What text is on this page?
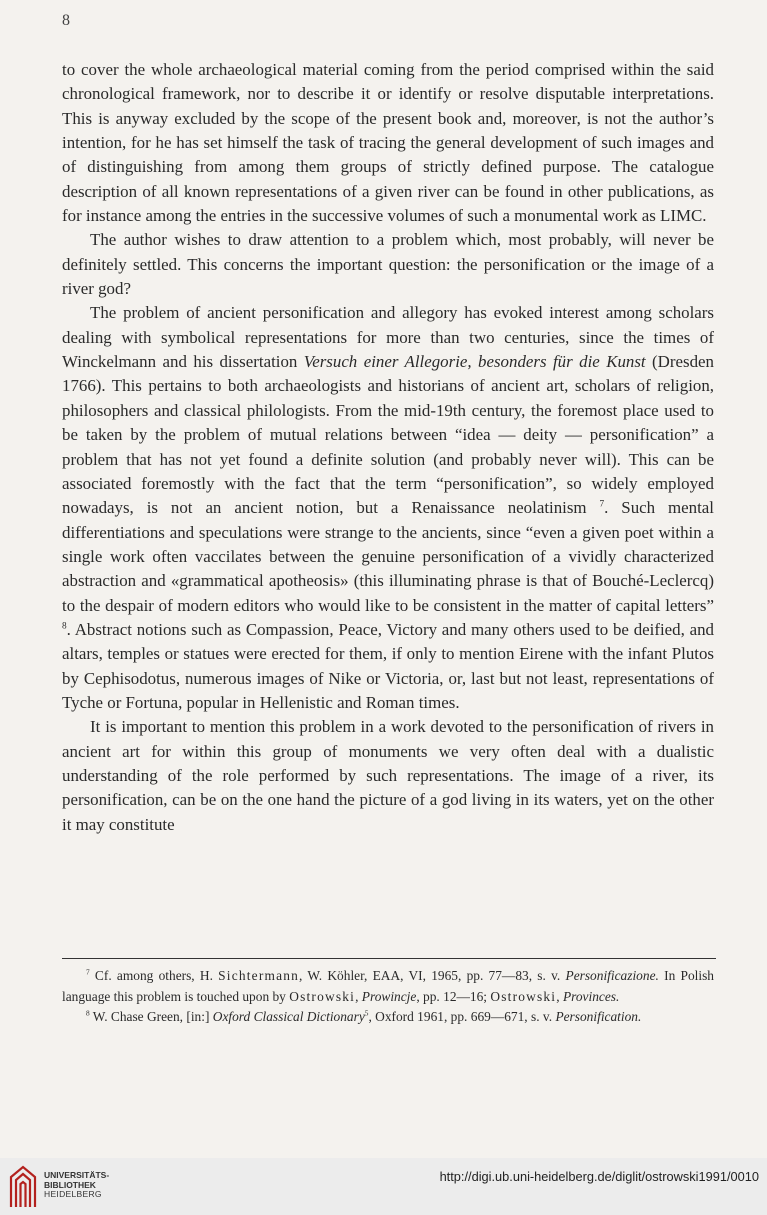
8

to cover the whole archaeological material coming from the period comprised within the said chronological framework, nor to describe it or identify or resolve disputable interpretations. This is anyway excluded by the scope of the present book and, moreover, is not the author’s intention, for he has set himself the task of tracing the general development of such images and of distinguishing from among them groups of strictly defined purpose. The catalogue description of all known representations of a given river can be found in other publications, as for instance among the entries in the successive volumes of such a monumental work as LIMC.

The author wishes to draw attention to a problem which, most probably, will never be definitely settled. This concerns the important question: the personification or the image of a river god?

The problem of ancient personification and allegory has evoked interest among scholars dealing with symbolical representations for more than two centuries, since the times of Winckelmann and his dissertation Versuch einer Allegorie, besonders für die Kunst (Dresden 1766). This pertains to both archaeologists and historians of ancient art, scholars of religion, philosophers and classical philologists. From the mid-19th century, the foremost place used to be taken by the problem of mutual relations between “idea — deity — personification” a problem that has not yet found a definite solution (and probably never will). This can be associated foremostly with the fact that the term “personification”, so widely employed nowadays, is not an ancient notion, but a Renaissance neolatinism $^7$. Such mental differentiations and speculations were strange to the ancients, since “even a given poet within a single work often vaccilates between the genuine personification of a vividly characterized abstraction and «grammatical apotheosis» (this illuminating phrase is that of Bouché-Leclercq) to the despair of modern editors who would like to be consistent in the matter of capital letters” $^8$. Abstract notions such as Compassion, Peace, Victory and many others used to be deified, and altars, temples or statues were erected for them, if only to mention Eirene with the infant Plutos by Cephisodotus, numerous images of Nike or Victoria, or, last but not least, representations of Tyche or Fortuna, popular in Hellenistic and Roman times.

It is important to mention this problem in a work devoted to the personification of rivers in ancient art for within this group of monuments we very often deal with a dualistic understanding of the role performed by such representations. The image of a river, its personification, can be on the one hand the picture of a god living in its waters, yet on the other it may constitute

$^7$ Cf. among others, H. Sichtermann, W. Köhler, EAA, VI, 1965, pp. 77—83, s. v. Personificazione. In Polish language this problem is touched upon by Ostrowski, Prowincje, pp. 12—16; Ostrowski, Provinces.

$^8$ W. Chase Green, [in:] Oxford Classical Dictionary$^5$, Oxford 1961, pp. 669—671, s. v. Personification.

UNIVERSITÄTS-
BIBLIOTHEK
HEIDELBERG
http://digi.ub.uni-heidelberg.de/diglit/ostrowski1991/0010
